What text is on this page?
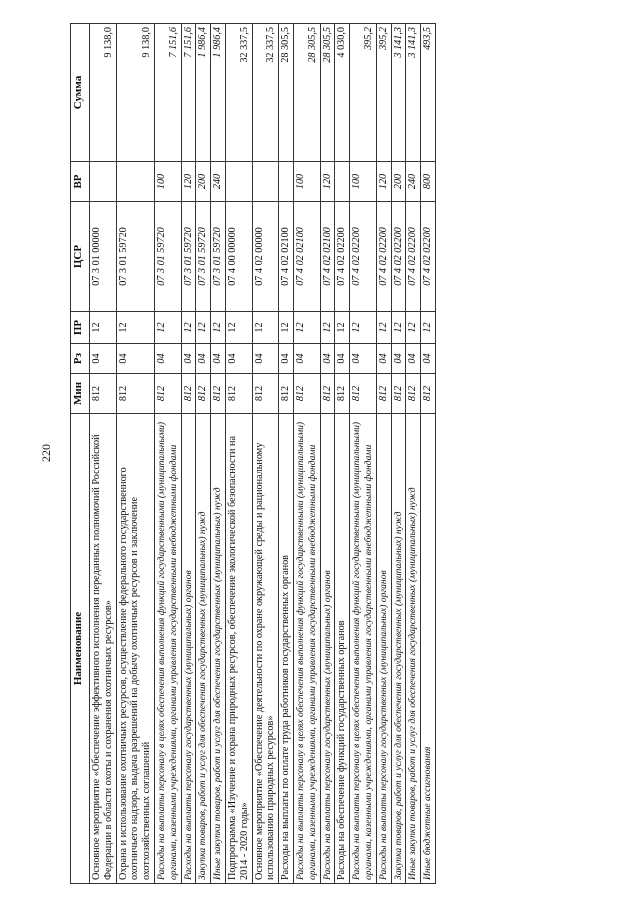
220
Наименование	Мин	Рз	ПР	ЦСР	ВР	Сумма
Основное мероприятие «Обеспечение эффективного исполнения переданных полномочий Российской Федерации в области охоты и сохранения охотничьих ресурсов»	812	04	12	07 3 01 00000		9 138,0
Охрана и использование охотничьих ресурсов, осуществление федерального государственного охотничьего надзора, выдача разрешений на добычу охотничьих ресурсов и заключение охотхозяйственных соглашений	812	04	12	07 3 01 59720		9 138,0
Расходы на выплаты персоналу в целях обеспечения выполнения функций государственными (муниципальными) органами, казенными учреждениями, органами управления государственными внебюджетными фондами	812	04	12	07 3 01 59720	100	7 151,6
Расходы на выплаты персоналу государственных (муниципальных) органов	812	04	12	07 3 01 59720	120	7 151,6
Закупка товаров, работ и услуг для обеспечения государственных (муниципальных) нужд	812	04	12	07 3 01 59720	200	1 986,4
Иные закупки товаров, работ и услуг для обеспечения государственных (муниципальных) нужд	812	04	12	07 3 01 59720	240	1 986,4
Подпрограмма «Изучение и охрана природных ресурсов, обеспечение экологической безопасности на 2014 - 2020 годы»	812	04	12	07 4 00 00000		32 337,5
Основное мероприятие «Обеспечение деятельности по охране окружающей среды и рациональному использованию природных ресурсов»	812	04	12	07 4 02 00000		32 337,5
Расходы на выплаты по оплате труда работников государственных органов	812	04	12	07 4 02 02100		28 305,5
Расходы на выплаты персоналу в целях обеспечения выполнения функций государственными (муниципальными) органами, казенными учреждениями, органами управления государственными внебюджетными фондами	812	04	12	07 4 02 02100	100	28 305,5
Расходы на выплаты персоналу государственных (муниципальных) органов	812	04	12	07 4 02 02100	120	28 305,5
Расходы на обеспечение функций государственных органов	812	04	12	07 4 02 02200		4 030,0
Расходы на выплаты персоналу в целях обеспечения выполнения функций государственными (муниципальными) органами, казенными учреждениями, органами управления государственными внебюджетными фондами	812	04	12	07 4 02 02200	100	395,2
Расходы на выплаты персоналу государственных (муниципальных) органов	812	04	12	07 4 02 02200	120	395,2
Закупка товаров, работ и услуг для обеспечения государственных (муниципальных) нужд	812	04	12	07 4 02 02200	200	3 141,3
Иные закупки товаров, работ и услуг для обеспечения государственных (муниципальных) нужд	812	04	12	07 4 02 02200	240	3 141,3
Иные бюджетные ассигнования	812	04	12	07 4 02 02200	800	493,5
